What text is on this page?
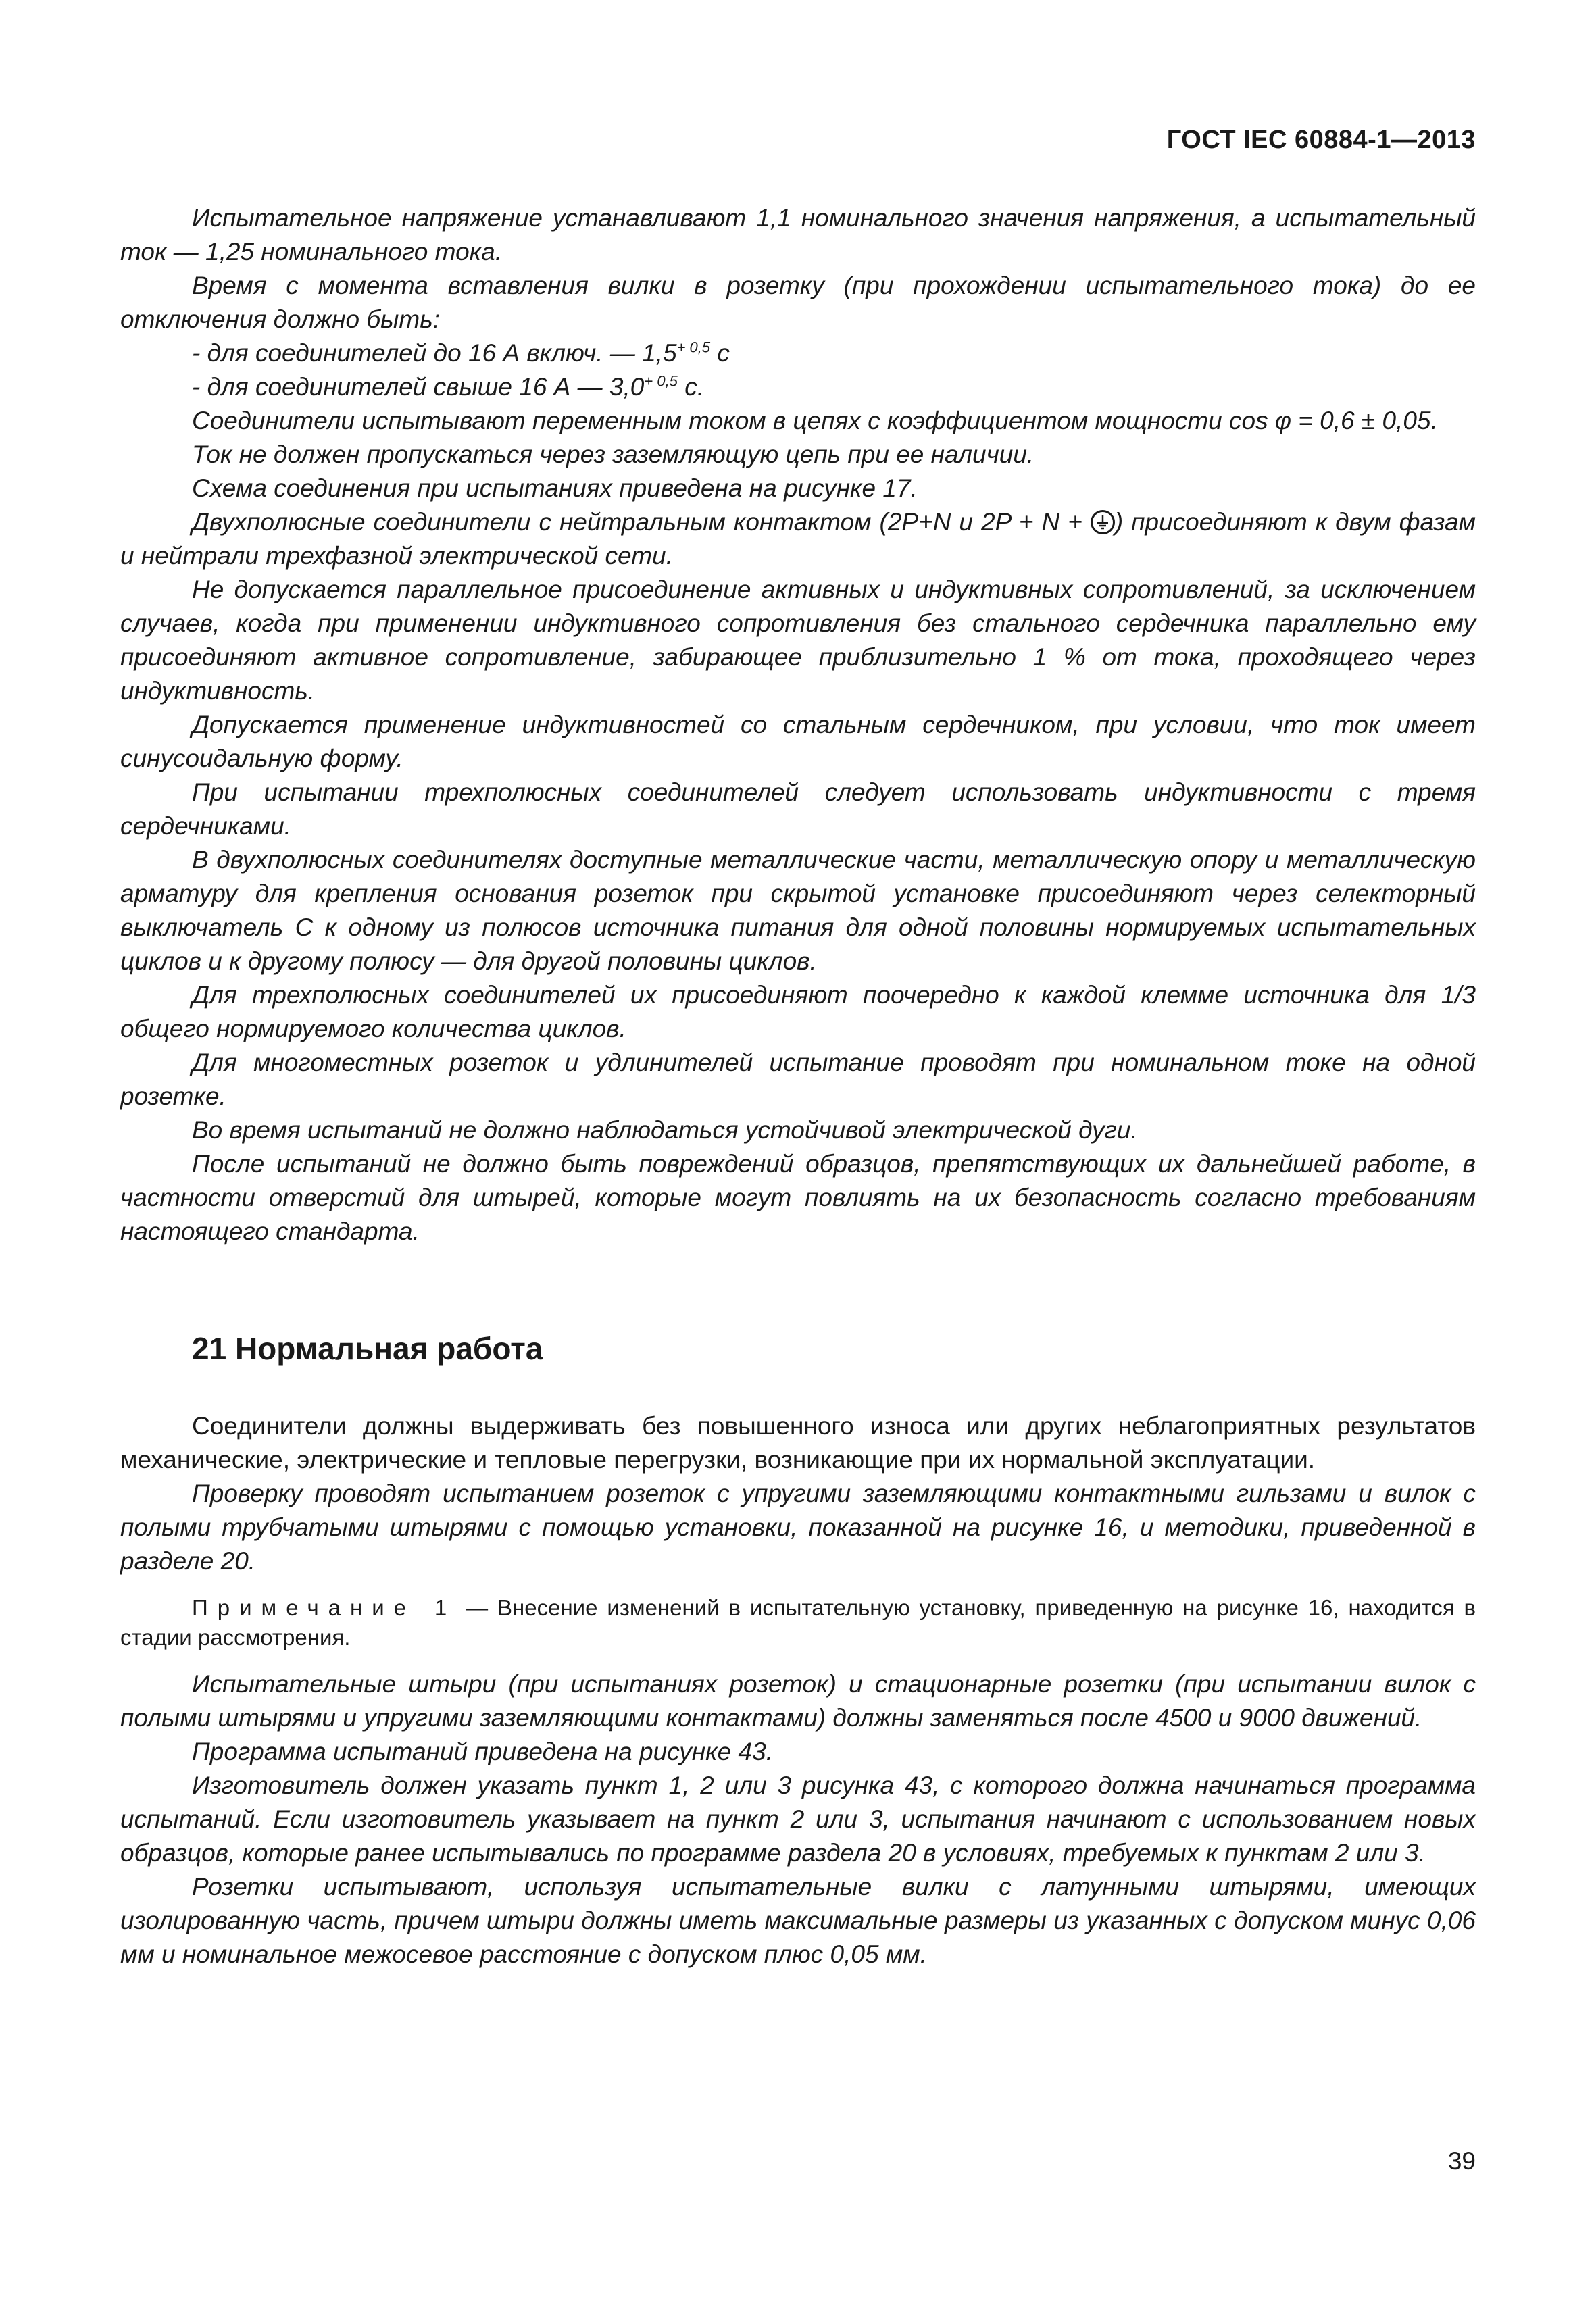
ГОСТ IEC 60884-1—2013

Испытательное напряжение устанавливают 1,1 номинального значения напряжения, а испытательный ток — 1,25 номинального тока.

Время с момента вставления вилки в розетку (при прохождении испытательного тока) до ее отключения должно быть:

- для соединителей до 16 А включ. — $1,5^{+ 0,5}$ с

- для соединителей свыше 16 А — $3,0^{+ 0,5}$ с.

Соединители испытывают переменным током в цепях с коэффициентом мощности cos φ = 0,6 ± 0,05.

Ток не должен пропускаться через заземляющую цепь при ее наличии.

Схема соединения при испытаниях приведена на рисунке 17.

Двухполюсные соединители с нейтральным контактом (2P+N и 2P + N +
) присоединяют к двум фазам и нейтрали трехфазной электрической сети.

Не допускается параллельное присоединение активных и индуктивных сопротивлений, за исключением случаев, когда при применении индуктивного сопротивления без стального сердечника параллельно ему присоединяют активное сопротивление, забирающее приблизительно 1 % от тока, проходящего через индуктивность.

Допускается применение индуктивностей со стальным сердечником, при условии, что ток имеет синусоидальную форму.

При испытании трехполюсных соединителей следует использовать индуктивности с тремя сердечниками.

В двухполюсных соединителях доступные металлические части, металлическую опору и металлическую арматуру для крепления основания розеток при скрытой установке присоединяют через селекторный выключатель С к одному из полюсов источника питания для одной половины нормируемых испытательных циклов и к другому полюсу — для другой половины циклов.

Для трехполюсных соединителей их присоединяют поочередно к каждой клемме источника для 1/3 общего нормируемого количества циклов.

Для многоместных розеток и удлинителей испытание проводят при номинальном токе на одной розетке.

Во время испытаний не должно наблюдаться устойчивой электрической дуги.

После испытаний не должно быть повреждений образцов, препятствующих их дальнейшей работе, в частности отверстий для штырей, которые могут повлиять на их безопасность согласно требованиям настоящего стандарта.

21 Нормальная работа

Соединители должны выдерживать без повышенного износа или других неблагоприятных результатов механические, электрические и тепловые перегрузки, возникающие при их нормальной эксплуатации.

Проверку проводят испытанием розеток с упругими заземляющими контактными гильзами и вилок с полыми трубчатыми штырями с помощью установки, показанной на рисунке 16, и методики, приведенной в разделе 20.

Примечание 1 — Внесение изменений в испытательную установку, приведенную на рисунке 16, находится в стадии рассмотрения.

Испытательные штыри (при испытаниях розеток) и стационарные розетки (при испытании вилок с полыми штырями и упругими заземляющими контактами) должны заменяться после 4500 и 9000 движений.

Программа испытаний приведена на рисунке 43.

Изготовитель должен указать пункт 1, 2 или 3 рисунка 43, с которого должна начинаться программа испытаний. Если изготовитель указывает на пункт 2 или 3, испытания начинают с использованием новых образцов, которые ранее испытывались по программе раздела 20 в условиях, требуемых к пунктам 2 или 3.

Розетки испытывают, используя испытательные вилки с латунными штырями, имеющих изолированную часть, причем штыри должны иметь максимальные размеры из указанных с допуском минус 0,06 мм и номинальное межосевое расстояние с допуском плюс 0,05 мм.

39
